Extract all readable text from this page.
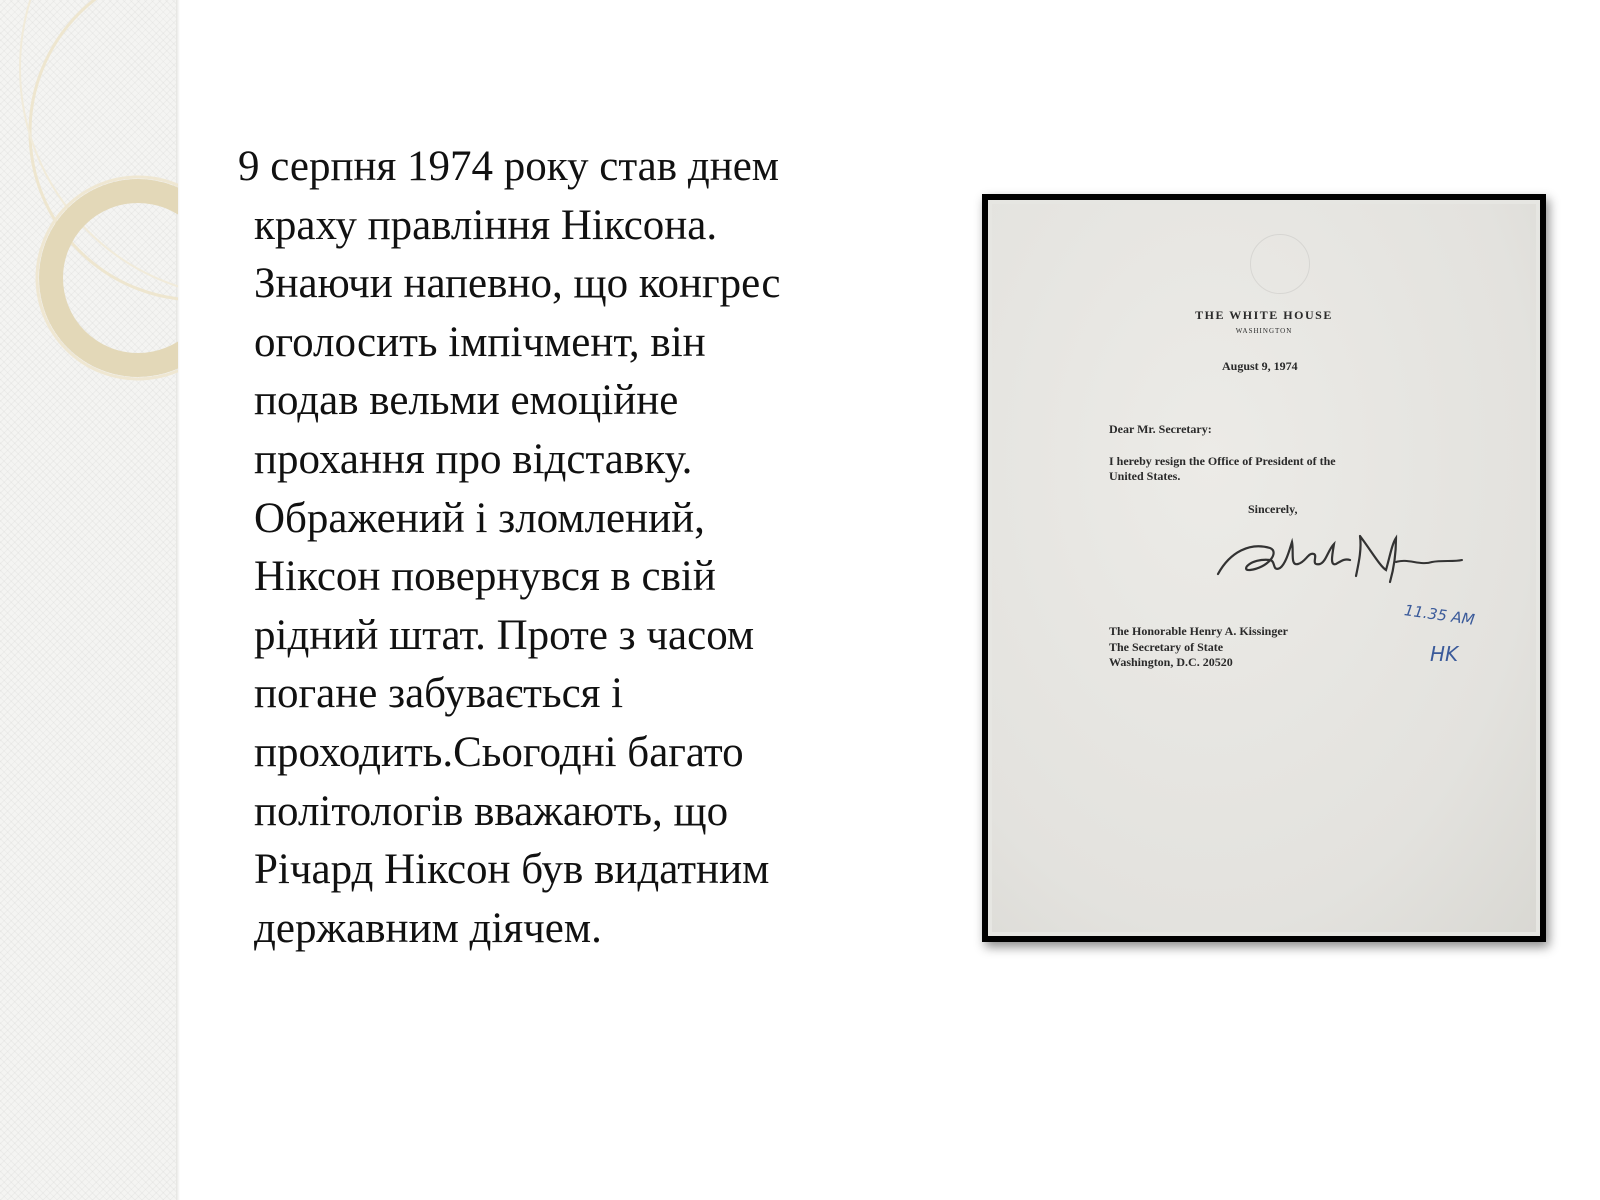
9 серпня 1974 року став днем
краху правління Ніксона.
Знаючи напевно, що конгрес
оголосить імпічмент, він
подав вельми емоційне
прохання про відставку.
Ображений і зломлений,
Ніксон повернувся в свій
рідний штат. Проте з часом
погане забувається і
проходить.Сьогодні багато
політологів вважають, що
Річард Ніксон був видатним
державним діячем.
THE WHITE HOUSE
WASHINGTON
August 9, 1974
Dear Mr. Secretary:

I hereby resign the Office of President of the
United States.

Sincerely,
11.35 AM
HK
The Honorable Henry A. Kissinger
The Secretary of State
Washington, D.C. 20520
